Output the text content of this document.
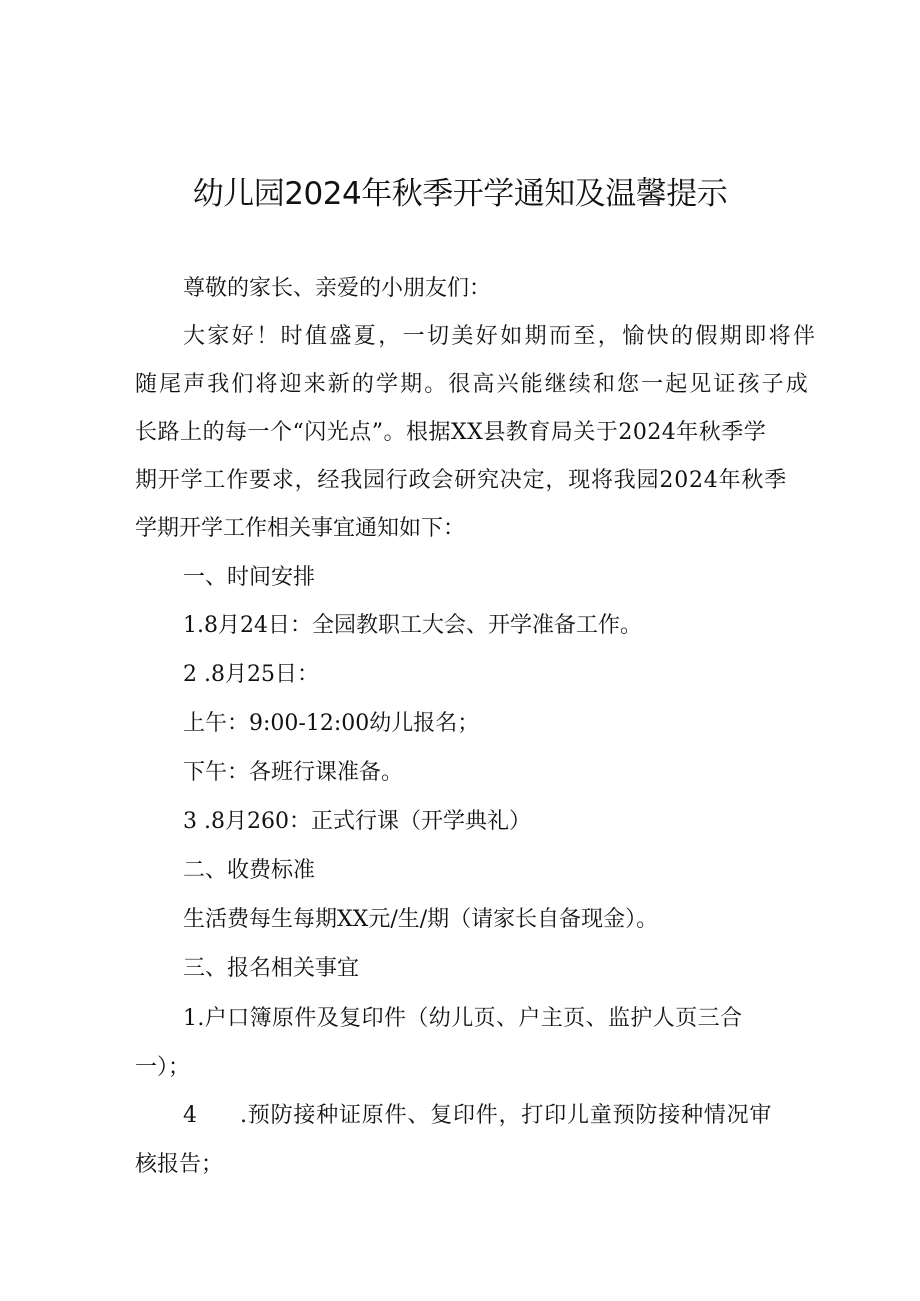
幼儿园2024年秋季开学通知及温馨提示
尊敬的家长、亲爱的小朋友们：
大家好！时值盛夏，一切美好如期而至，愉快的假期即将伴
随尾声我们将迎来新的学期。很高兴能继续和您一起见证孩子成
长路上的每一个“闪光点”。根据XX县教育局关于2024年秋季学
期开学工作要求，经我园行政会研究决定，现将我园2024年秋季
学期开学工作相关事宜通知如下：
一、时间安排
1.8月24日：全园教职工大会、开学准备工作。
2 .8月25日：
上午：9:00-12:00幼儿报名；
下午：各班行课准备。
3 .8月260：正式行课（开学典礼）
二、收费标准
生活费每生每期XX元/生/期（请家长自备现金）。
三、报名相关事宜
1.户口簿原件及复印件（幼儿页、户主页、监护人页三合
一）；
4 .预防接种证原件、复印件，打印儿童预防接种情况审
核报告；
